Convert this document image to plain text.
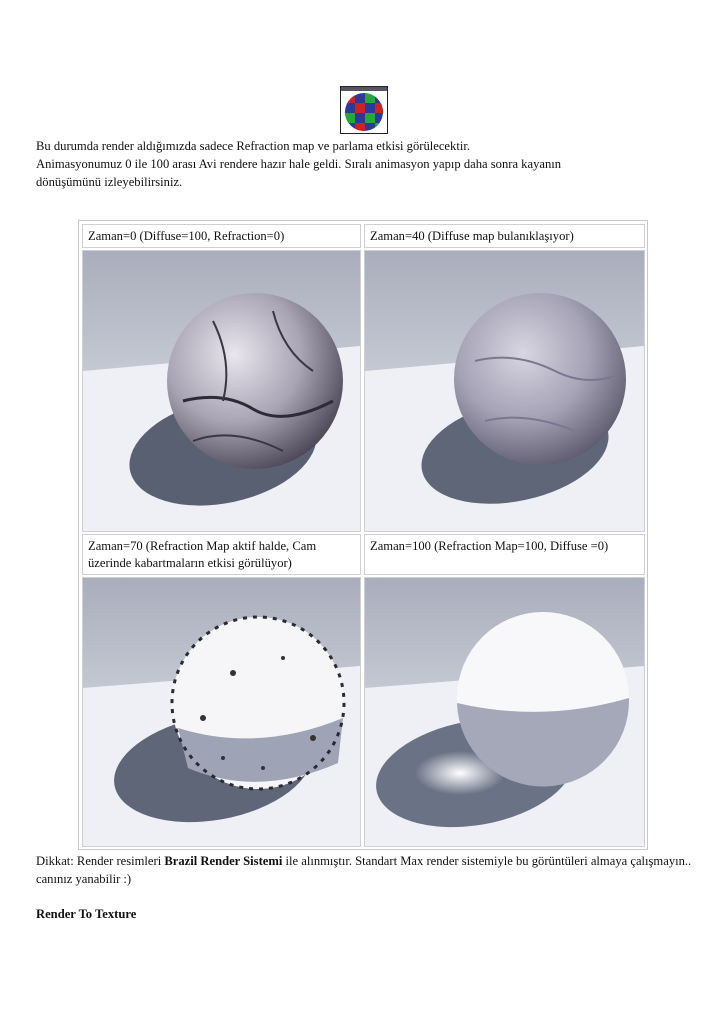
Bu durumda render aldığımızda sadece Refraction map ve parlama etkisi görülecektir.
Animasyonumuz 0 ile 100 arası Avi rendere hazır hale geldi. Sıralı animasyon yapıp daha sonra kayanın
dönüşümünü izleyebilirsiniz.
Zaman=0 (Diffuse=100, Refraction=0)	Zaman=40 (Diffuse map bulanıklaşıyor)
Zaman=70 (Refraction Map aktif halde, Cam üzerinde kabartmaların etkisi görülüyor)
Zaman=100 (Refraction Map=100, Diffuse =0)
Dikkat: Render resimleri Brazil Render Sistemi ile alınmıştır. Standart Max render sistemiyle bu görüntüleri almaya çalışmayın.. canınız yanabilir :)
Render To Texture
